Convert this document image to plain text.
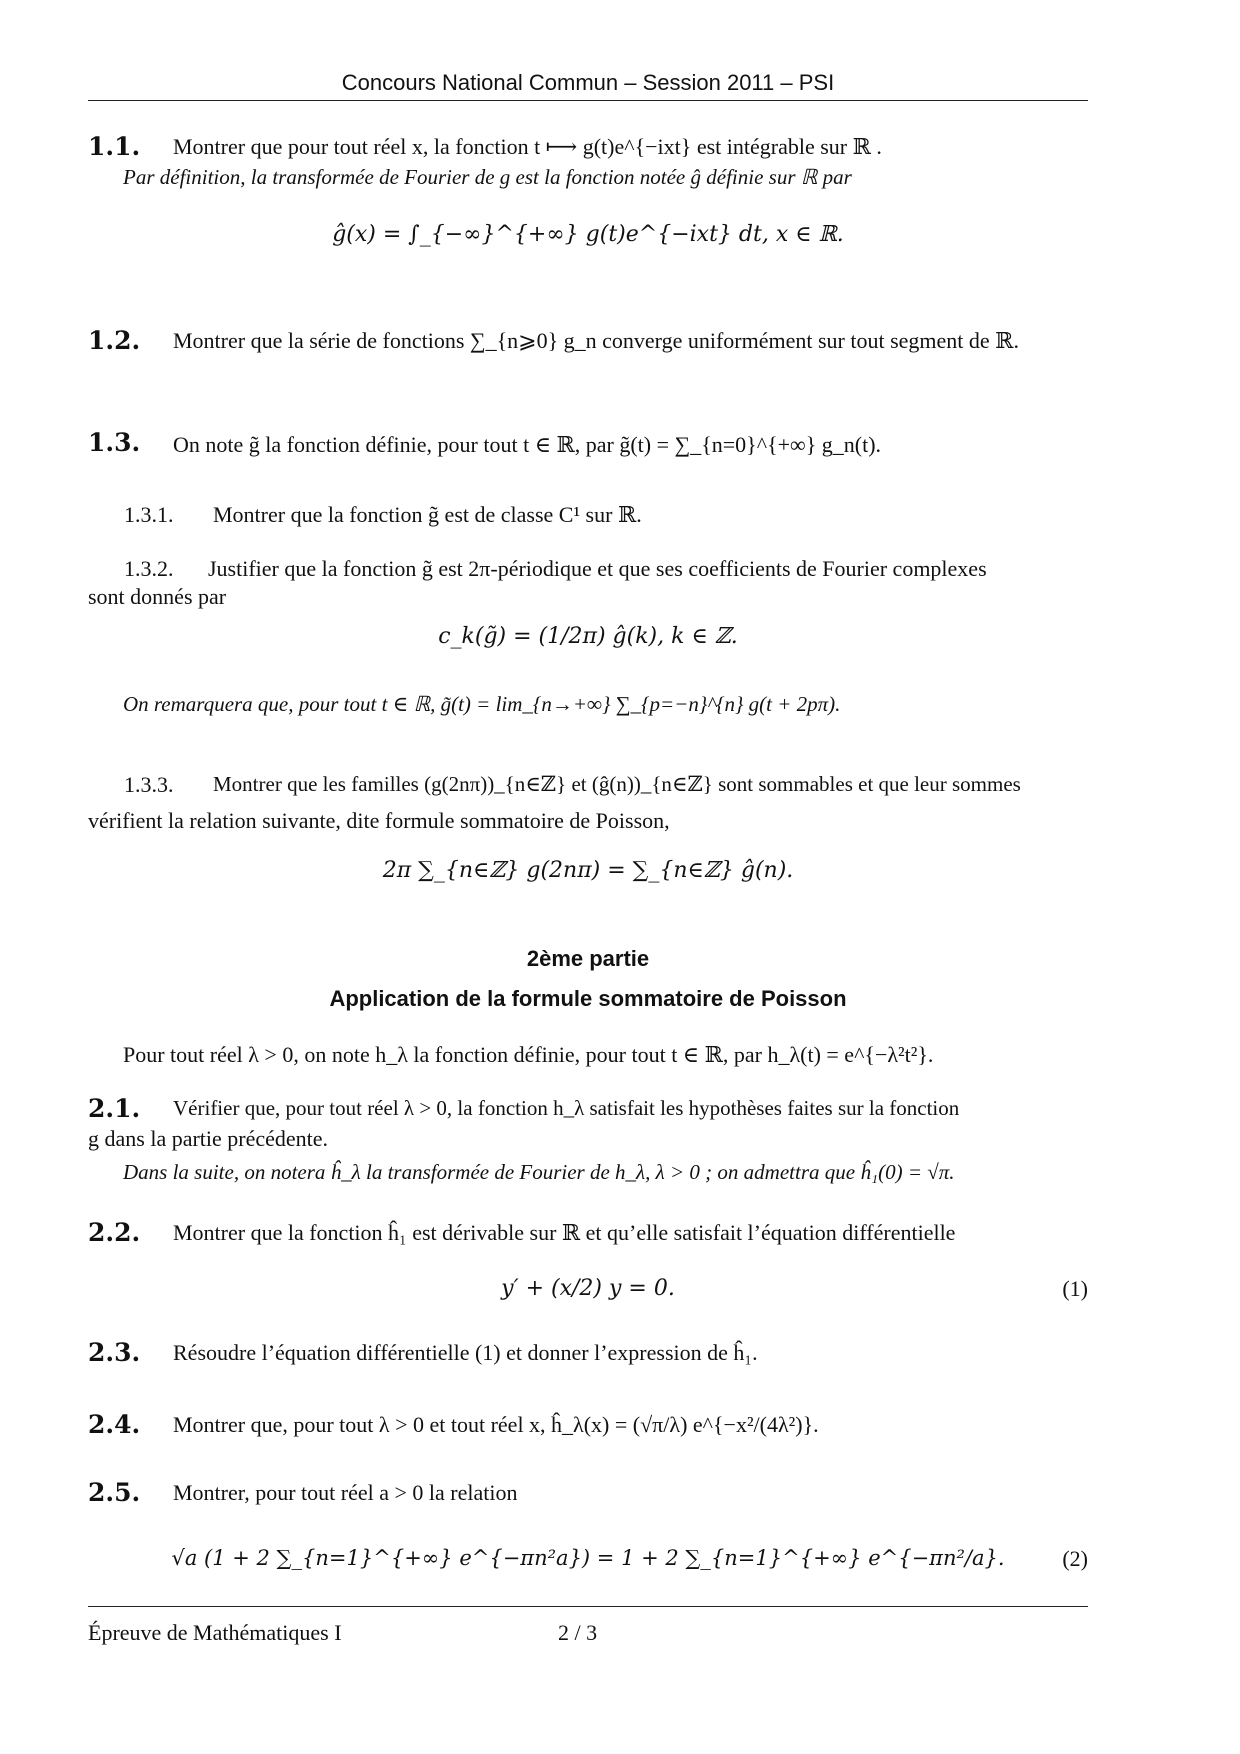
Concours National Commun – Session 2011 – PSI
1.1. Montrer que pour tout réel x, la fonction t ⟼ g(t)e^{−ixt} est intégrable sur ℝ .
Par définition, la transformée de Fourier de g est la fonction notée ĝ définie sur ℝ par
ĝ(x) = ∫_{−∞}^{+∞} g(t)e^{−ixt} dt, x ∈ ℝ.
1.2. Montrer que la série de fonctions ∑_{n⩾0} g_n converge uniformément sur tout segment de ℝ.
1.3. On note g̃ la fonction définie, pour tout t ∈ ℝ, par g̃(t) = ∑_{n=0}^{+∞} g_n(t).
1.3.1. Montrer que la fonction g̃ est de classe C¹ sur ℝ.
1.3.2. Justifier que la fonction g̃ est 2π-périodique et que ses coefficients de Fourier complexes
sont donnés par
c_k(g̃) = (1/2π) ĝ(k), k ∈ ℤ.
On remarquera que, pour tout t ∈ ℝ, g̃(t) = lim_{n→+∞} ∑_{p=−n}^{n} g(t + 2pπ).
1.3.3. Montrer que les familles (g(2nπ))_{n∈ℤ} et (ĝ(n))_{n∈ℤ} sont sommables et que leur sommes
vérifient la relation suivante, dite formule sommatoire de Poisson,
2π ∑_{n∈ℤ} g(2nπ) = ∑_{n∈ℤ} ĝ(n).
2ème partie
Application de la formule sommatoire de Poisson
Pour tout réel λ > 0, on note h_λ la fonction définie, pour tout t ∈ ℝ, par h_λ(t) = e^{−λ²t²}.
2.1. Vérifier que, pour tout réel λ > 0, la fonction h_λ satisfait les hypothèses faites sur la fonction
g dans la partie précédente.
Dans la suite, on notera ĥ_λ la transformée de Fourier de h_λ, λ > 0 ; on admettra que ĥ₁(0) = √π.
2.2. Montrer que la fonction ĥ₁ est dérivable sur ℝ et qu’elle satisfait l’équation différentielle
y′ + (x/2) y = 0.	(1)
2.3. Résoudre l’équation différentielle (1) et donner l’expression de ĥ₁.
2.4. Montrer que, pour tout λ > 0 et tout réel x, ĥ_λ(x) = (√π/λ) e^{−x²/(4λ²)}.
2.5. Montrer, pour tout réel a > 0 la relation
√a (1 + 2 ∑_{n=1}^{+∞} e^{−πn²a}) = 1 + 2 ∑_{n=1}^{+∞} e^{−πn²/a}.	(2)
Épreuve de Mathématiques I	2 / 3
